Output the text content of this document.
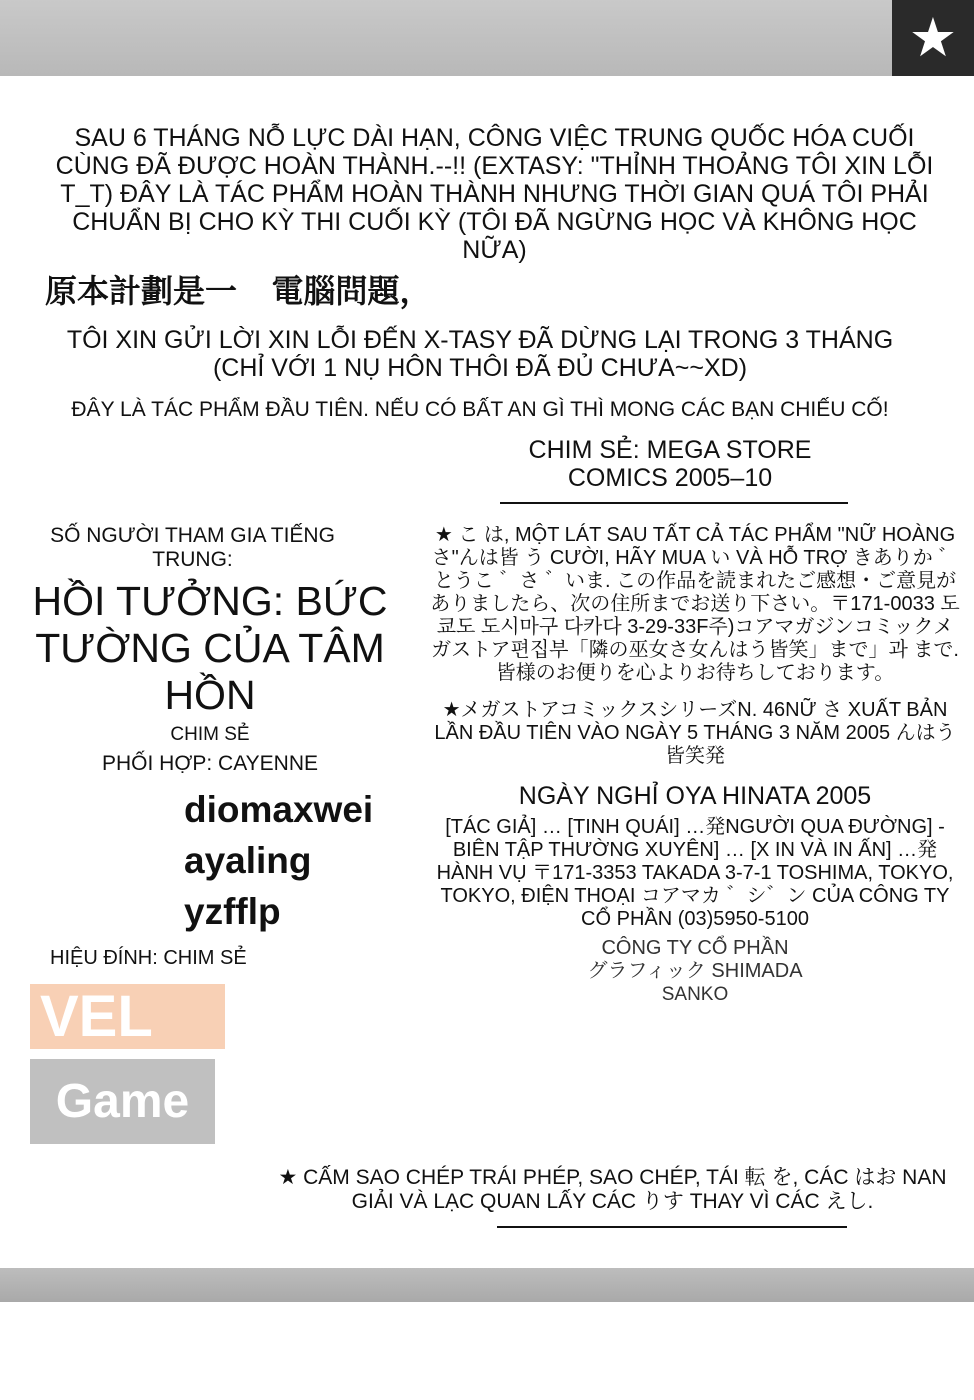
★
SAU 6 THÁNG NỖ LỰC DÀI HẠN, CÔNG VIỆC TRUNG QUỐC HÓA CUỐI CÙNG ĐÃ ĐƯỢC HOÀN THÀNH.--!! (EXTASY: "THỈNH THOẢNG TÔI XIN LỖI T_T) ĐÂY LÀ TÁC PHẨM HOÀN THÀNH NHƯNG THỜI GIAN QUÁ TÔI PHẢI CHUẨN BỊ CHO KỲ THI CUỐI KỲ (TÔI ĐÃ NGỪNG HỌC VÀ KHÔNG HỌC NỮA)
原本計劃是一 電腦問題，
TÔI XIN GỬI LỜI XIN LỖI ĐẾN X-TASY ĐÃ DỪNG LẠI TRONG 3 THÁNG (CHỈ VỚI 1 NỤ HÔN THÔI ĐÃ ĐỦ CHƯA~~XD)
ĐÂY LÀ TÁC PHẨM ĐẦU TIÊN. NẾU CÓ BẤT AN GÌ THÌ MONG CÁC BẠN CHIẾU CỐ!
CHIM SẺ: MEGA STORE COMICS 2005–10
SỐ NGƯỜI THAM GIA TIẾNG TRUNG:
HỒI TƯỞNG: BỨC TƯỜNG CỦA TÂM HỒN
CHIM SẺ
PHỐI HỢP: CAYENNE
diomaxwei
ayaling
yzfflp
HIỆU ĐÍNH: CHIM SẺ
VEL
Game
★ こ は, MỘT LÁT SAU TẤT CẢ TÁC PHẨM "NỮ HOÀNG さ"んは皆 う CƯỜI, HÃY MUA い VÀ HỖ TRỢ きありか ゛とうこ ゛さ ゛いま. この作品を読まれたご感想・ご意見がありましたら、次の住所までお送り下さい。〒171-0033 도쿄도 도시마구 다카다 3-29-33F주)コアマガジンコミックメガストア편집부「隣の巫女さ女んはう皆笑」まで」과 まで. 皆様のお便りを心よりお待ちしております。
★メガストアコミックスシリーズN. 46NỮ さ XUẤT BẢN LẦN ĐẦU TIÊN VÀO NGÀY 5 THÁNG 3 NĂM 2005 んはう皆笑発
NGÀY NGHỈ OYA HINATA 2005
[TÁC GIẢ] … [TINH QUÁI] …発NGƯỜI QUA ĐƯỜNG] - BIÊN TẬP THƯỜNG XUYÊN] … [X IN VÀ IN ẤN] …発HÀNH VỤ 〒171-3353 TAKADA 3-7-1 TOSHIMA, TOKYO, TOKYO, ĐIỆN THOẠI コアマカ ゛シ゛ン CỦA CÔNG TY CỔ PHẦN (03)5950-5100
CÔNG TY CỔ PHẦN
グラフィック SHIMADA
SANKO
★ CẤM SAO CHÉP TRÁI PHÉP, SAO CHÉP, TÁI 転 を, CÁC はお NAN GIẢI VÀ LẠC QUAN LẤY CÁC りす THAY VÌ CÁC えし.
